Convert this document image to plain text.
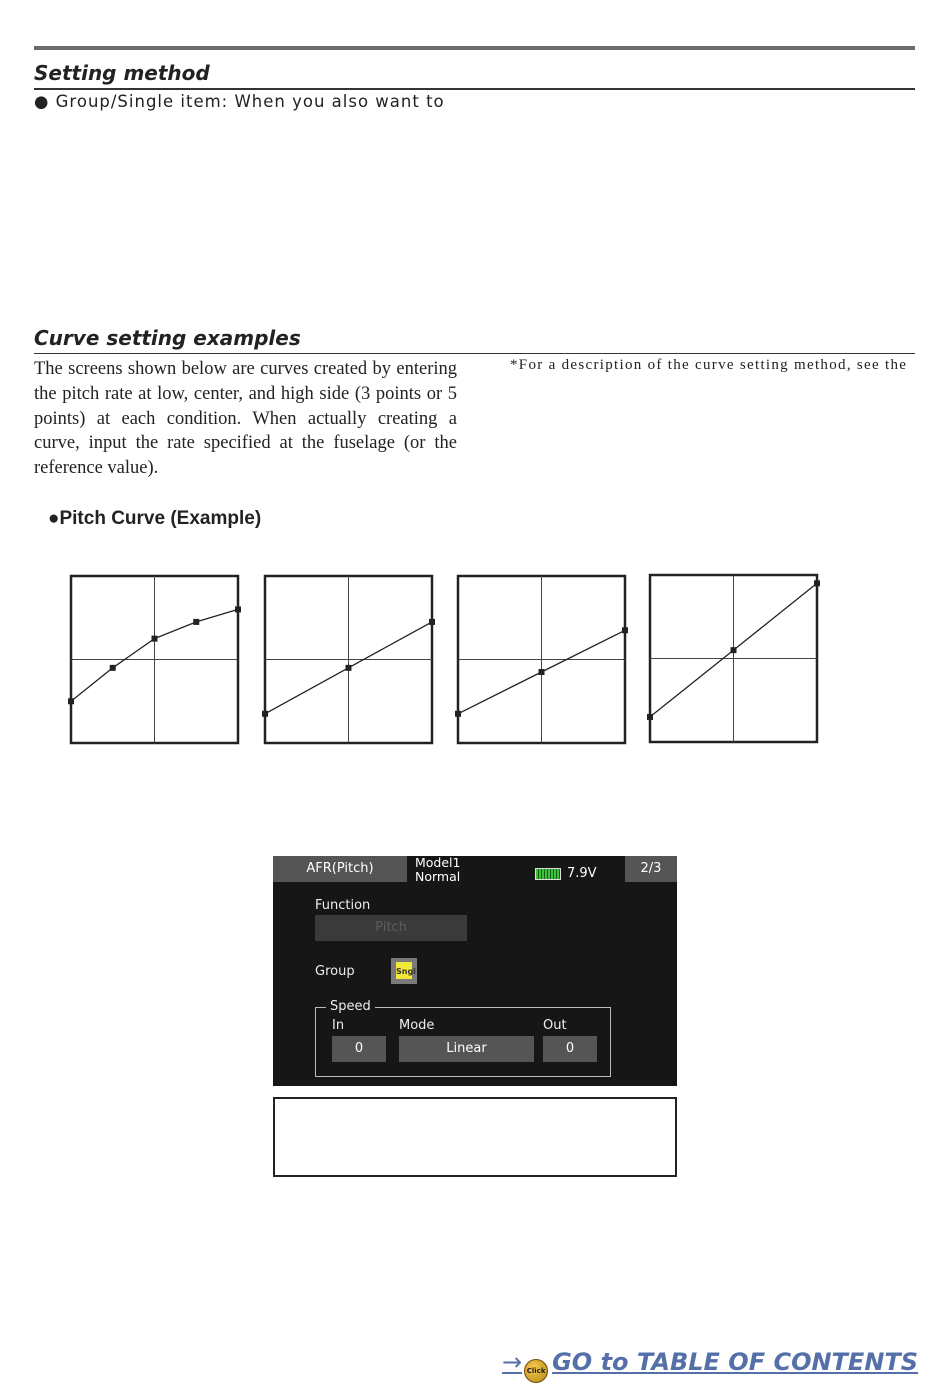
Setting method
● Group/Single item: When you also want to
Curve setting examples
The screens shown below are curves created by entering the pitch rate at low, center, and high side (3 points or 5 points) at each condition. When actually creating a curve, input the rate specified at the fuselage (or the reference value).
*For a description of the curve setting method, see the
●Pitch Curve (Example)
AFR(Pitch)	Model1
Normal	7.9V	2/3
Function
Pitch
Group	Sngl
Speed
In	Mode	Out
0	Linear	0
→ Click GO to TABLE OF CONTENTS
